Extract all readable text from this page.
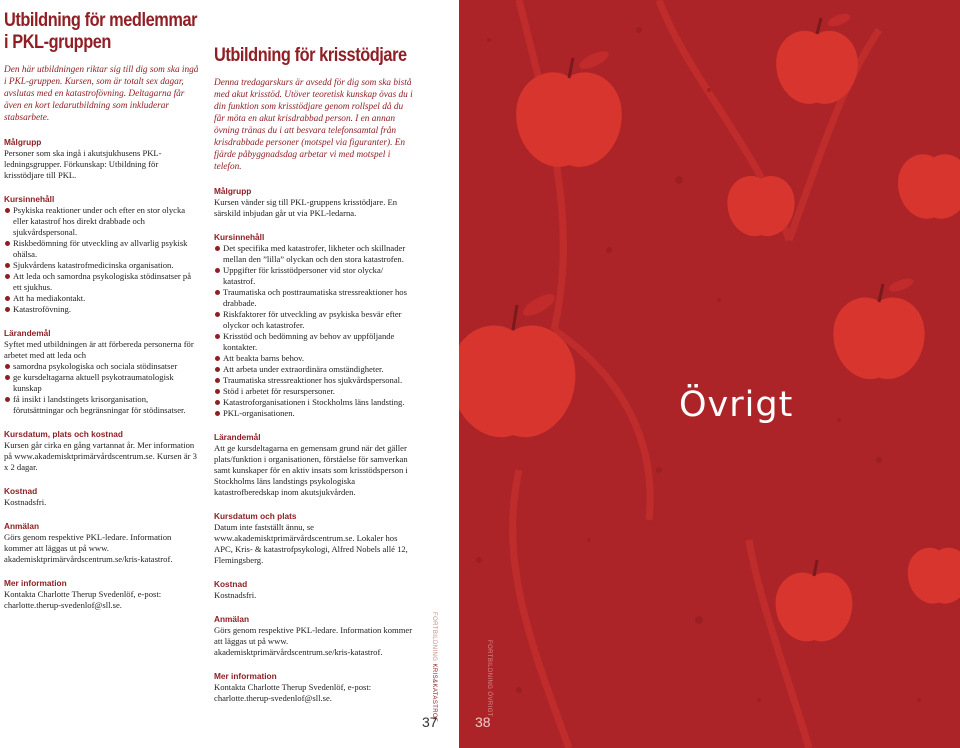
Utbildning för medlemmar
i PKL-gruppen
Den här utbildningen riktar sig till dig som ska ingå i PKL-gruppen. Kursen, som är totalt sex dagar, avslutas med en katastrofövning. Deltagarna får även en kort ledarutbildning som inkluderar stabsarbete.
Målgrupp
Personer som ska ingå i akutsjukhusens PKL-ledningsgrupper. Förkunskap: Utbildning för krisstödjare till PKL.
Kursinnehåll
Psykiska reaktioner under och efter en stor olycka eller katastrof hos direkt drabbade och sjukvårdspersonal.
Riskbedömning för utveckling av allvarlig psykisk ohälsa.
Sjukvårdens katastrofmedicinska organisation.
Att leda och samordna psykologiska stödinsatser på ett sjukhus.
Att ha mediakontakt.
Katastrofövning.
Lärandemål
Syftet med utbildningen är att förbereda personerna för arbetet med att leda och
samordna psykologiska och sociala stödinsatser
ge kursdeltagarna aktuell psykotraumatologisk kunskap
få insikt i landstingets krisorganisation, förutsättningar och begränsningar för stödinsatser.
Kursdatum, plats och kostnad
Kursen går cirka en gång vartannat år. Mer information på www.akademisktprimärvårdscentrum.se. Kursen är 3 x 2 dagar.
Kostnad
Kostnadsfri.
Anmälan
Görs genom respektive PKL-ledare. Information kommer att läggas ut på www. akademisktprimärvårdscentrum.se/kris-katastrof.
Mer information
Kontakta Charlotte Therup Svedenlöf, e-post: charlotte.therup-svedenlof@sll.se.
Utbildning för krisstödjare
Denna tredagarskurs är avsedd för dig som ska bistå med akut krisstöd. Utöver teoretisk kunskap övas du i din funktion som krisstödjare genom rollspel då du får möta en akut krisdrabbad person. I en annan övning tränas du i att besvara telefonsamtal från krisdrabbade personer (motspel via figuranter). En fjärde påbyggnadsdag arbetar vi med motspel i telefon.
Målgrupp
Kursen vänder sig till PKL-gruppens krisstödjare. En särskild inbjudan går ut via PKL-ledarna.
Kursinnehåll
Det specifika med katastrofer, likheter och skillnader mellan den ”lilla” olyckan och den stora katastrofen.
Uppgifter för krisstödpersoner vid stor olycka/ katastrof.
Traumatiska och posttraumatiska stressreaktioner hos drabbade.
Riskfaktorer för utveckling av psykiska besvär efter olyckor och katastrofer.
Krisstöd och bedömning av behov av uppföljande kontakter.
Att beakta barns behov.
Att arbeta under extraordinära omständigheter.
Traumatiska stressreaktioner hos sjukvårdspersonal.
Stöd i arbetet för resurspersoner.
Katastroforganisationen i Stockholms läns landsting.
PKL-organisationen.
Lärandemål
Att ge kursdeltagarna en gemensam grund när det gäller plats/funktion i organisationen, förståelse för samverkan samt kunskaper för en aktiv insats som krisstödsperson i Stockholms läns landstings psykologiska katastrofberedskap inom akutsjukvården.
Kursdatum och plats
Datum inte fastställt ännu, se www.akademisktprimärvårdscentrum.se. Lokaler hos APC, Kris- & katastrofpsykologi, Alfred Nobels allé 12, Flemingsberg.
Kostnad
Kostnadsfri.
Anmälan
Görs genom respektive PKL-ledare. Information kommer att läggas ut på www. akademisktprimärvårdscentrum.se/kris-katastrof.
Mer information
Kontakta Charlotte Therup Svedenlöf, e-post: charlotte.therup-svedenlof@sll.se.
FORTBILDNING KRIS&KATASTROF
37
Övrigt
FORTBILDNING ÖVRIGT
38
